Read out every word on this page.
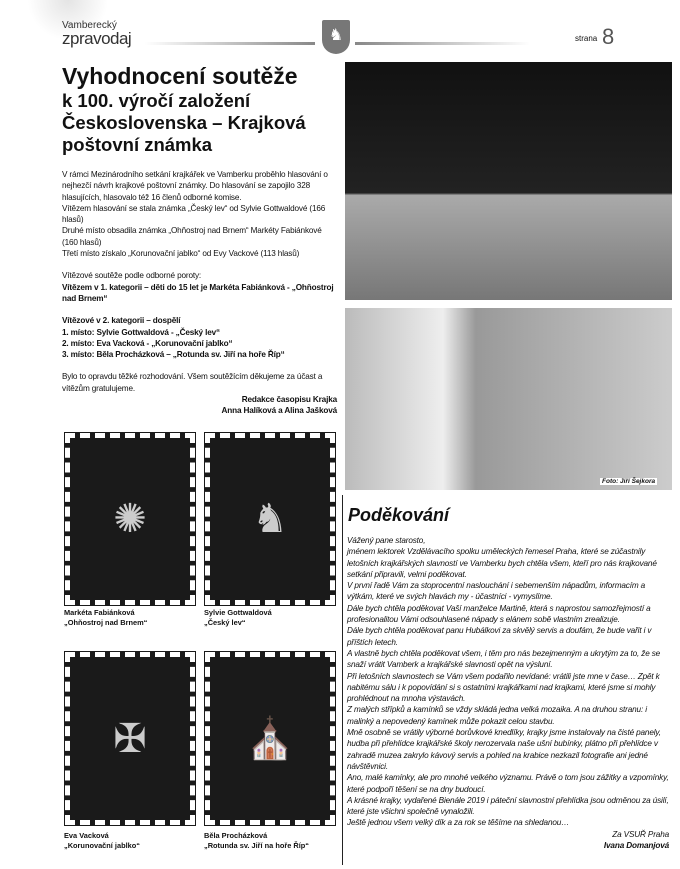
Vamberecký
zpravodaj	♞	strana 8
Vyhodnocení soutěže
k 100. výročí založení Československa – Krajková poštovní známka

V rámci Mezinárodního setkání krajkářek ve Vamberku proběhlo hlasování o nejhezčí návrh krajkové poštovní známky. Do hlasování se zapojilo 328 hlasujících, hlasovalo též 16 členů odborné komise.

Vítězem hlasování se stala známka „Český lev“ od Sylvie Gottwaldové (166 hlasů)

Druhé místo obsadila známka „Ohňostroj nad Brnem“ Markéty Fabiánkové (160 hlasů)

Třetí místo získalo „Korunovační jablko“ od Evy Vackové (113 hlasů)

Vítězové soutěže podle odborné poroty:

Vítězem v 1. kategorii – děti do 15 let je Markéta Fabiánková - „Ohňostroj nad Brnem“

Vítězové v 2. kategorii – dospělí

1. místo: Sylvie Gottwaldová - „Český lev“

2. místo: Eva Vacková - „Korunovační jablko“

3. místo: Běla Procházková – „Rotunda sv. Jiří na hoře Říp“

Bylo to opravdu těžké rozhodování. Všem soutěžícím děkujeme za účast a vítězům gratulujeme.

Redakce časopisu Krajka

Anna Halíková a Alina Jašková

✺	♞
✠	⛪
Markéta Fabiánková
„Ohňostroj nad Brnem“
Sylvie Gottwaldová
„Český lev“
Eva Vacková
„Korunovační jablko“
Běla Procházková
„Rotunda sv. Jiří na hoře Říp“
Foto: Jiří Šejkora
Poděkování

Vážený pane starosto,

jménem lektorek Vzdělávacího spolku uměleckých řemesel Praha, které se zúčastnily letošních krajkářských slavností ve Vamberku bych chtěla všem, kteří pro nás krajkované setkání připravili, velmi poděkovat.

V první řadě Vám za stoprocentní naslouchání i sebemenším nápadům, informacím a výtkám, které ve svých hlavách my - účastníci - vymyslíme.

Dále bych chtěla poděkovat Vaší manželce Martině, která s naprostou samozřejmostí a profesionalitou Vámi odsouhlasené nápady s elánem sobě vlastním zrealizuje.

Dále bych chtěla poděkovat panu Hubálkovi za skvělý servis a doufám, že bude vařit i v příštích letech.

A vlastně bych chtěla poděkovat všem, i těm pro nás bezejmenným a ukrytým za to, že se snaží vrátit Vamberk a krajkářské slavnosti opět na výsluní.

Při letošních slavnostech se Vám všem podařilo nevídané: vrátili jste mne v čase… Zpět k nabitému sálu i k popovídání si s ostatními krajkářkami nad krajkami, které jsme si mohly prohlédnout na mnoha výstavách.

Z malých střípků a kamínků se vždy skládá jedna velká mozaika. A na druhou stranu: i malinký a nepovedený kamínek může pokazit celou stavbu.

Mně osobně se vrátily výborné borůvkové knedlíky, krajky jsme instalovaly na čisté panely, hudba při přehlídce krajkářské školy nerozervala naše ušní bubínky, plátno při přehlídce v zahradě muzea zakrylo kávový servis a pohled na krabice nezkazil fotografie ani jedné návštěvnici.

Ano, malé kamínky, ale pro mnohé velkého významu. Právě o tom jsou zážitky a vzpomínky, které podpoří těšení se na dny budoucí.

A krásné krajky, vydařené Bienále 2019 i páteční slavnostní přehlídka jsou odměnou za úsilí, které jste všichni společně vynaložili.

Ještě jednou všem velký dík a za rok se těšíme na shledanou…

Za VSUŘ Praha

Ivana Domanjová
